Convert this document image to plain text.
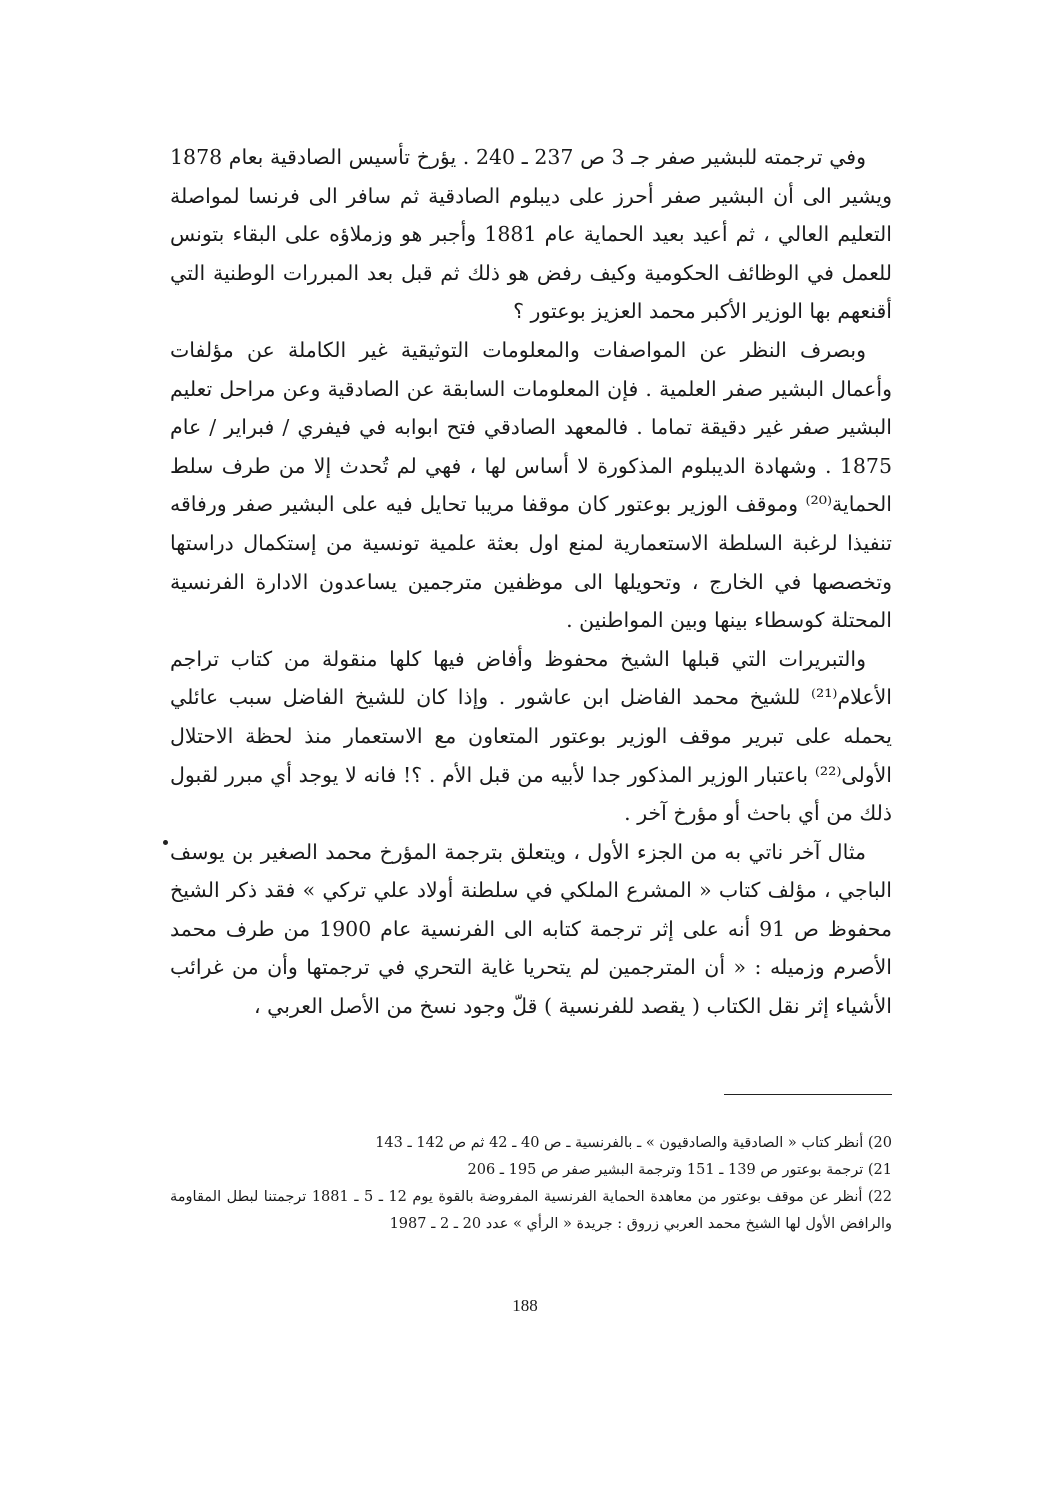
وفي ترجمته للبشير صفر جـ 3 ص 237 ـ 240 . يؤرخ تأسيس الصادقية بعام 1878 ويشير الى أن البشير صفر أحرز على ديبلوم الصادقية ثم سافر الى فرنسا لمواصلة التعليم العالي ، ثم أعيد بعيد الحماية عام 1881 وأجبر هو وزملاؤه على البقاء بتونس للعمل في الوظائف الحكومية وكيف رفض هو ذلك ثم قبل بعد المبررات الوطنية التي أقنعهم بها الوزير الأكبر محمد العزيز بوعتور ؟

وبصرف النظر عن المواصفات والمعلومات التوثيقية غير الكاملة عن مؤلفات وأعمال البشير صفر العلمية . فإن المعلومات السابقة عن الصادقية وعن مراحل تعليم البشير صفر غير دقيقة تماما . فالمعهد الصادقي فتح ابوابه في فيفري / فبراير / عام 1875 . وشهادة الديبلوم المذكورة لا أساس لها ، فهي لم تُحدث إلا من طرف سلط الحماية⁽²⁰⁾ وموقف الوزير بوعتور كان موقفا مريبا تحايل فيه على البشير صفر ورفاقه تنفيذا لرغبة السلطة الاستعمارية لمنع اول بعثة علمية تونسية من إستكمال دراستها وتخصصها في الخارج ، وتحويلها الى موظفين مترجمين يساعدون الادارة الفرنسية المحتلة كوسطاء بينها وبين المواطنين .

والتبريرات التي قبلها الشيخ محفوظ وأفاض فيها كلها منقولة من كتاب تراجم الأعلام⁽²¹⁾ للشيخ محمد الفاضل ابن عاشور . وإذا كان للشيخ الفاضل سبب عائلي يحمله على تبرير موقف الوزير بوعتور المتعاون مع الاستعمار منذ لحظة الاحتلال الأولى⁽²²⁾ باعتبار الوزير المذكور جدا لأبيه من قبل الأم . ؟! فانه لا يوجد أي مبرر لقبول ذلك من أي باحث أو مؤرخ آخر .

مثال آخر ناتي به من الجزء الأول ، ويتعلق بترجمة المؤرخ محمد الصغير بن يوسف الباجي ، مؤلف كتاب « المشرع الملكي في سلطنة أولاد علي تركي » فقد ذكر الشيخ محفوظ ص 91 أنه على إثر ترجمة كتابه الى الفرنسية عام 1900 من طرف محمد الأصرم وزميله : « أن المترجمين لم يتحريا غاية التحري في ترجمتها وأن من غرائب الأشياء إثر نقل الكتاب ( يقصد للفرنسية ) قلّ وجود نسخ من الأصل العربي ،

20) أنظر كتاب « الصادقية والصادقيون » ـ بالفرنسية ـ ص 40 ـ 42 ثم ص 142 ـ 143

21) ترجمة بوعتور ص 139 ـ 151 وترجمة البشير صفر ص 195 ـ 206

22) أنظر عن موقف بوعتور من معاهدة الحماية الفرنسية المفروضة بالقوة يوم 12 ـ 5 ـ 1881 ترجمتنا لبطل المقاومة والرافض الأول لها الشيخ محمد العربي زروق : جريدة « الرأي » عدد 20 ـ 2 ـ 1987

188
